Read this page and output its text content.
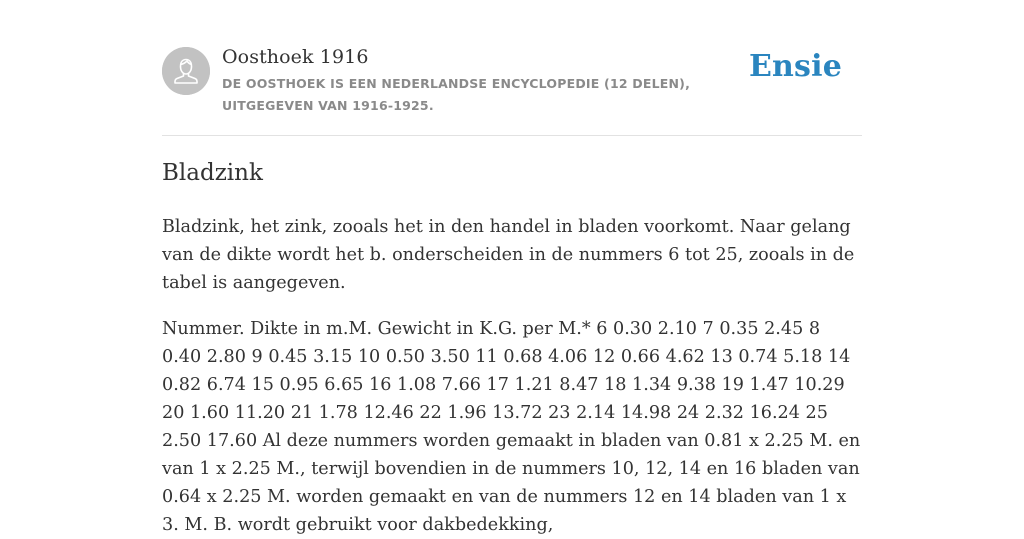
Oosthoek 1916
DE OOSTHOEK IS EEN NEDERLANDSE ENCYCLOPEDIE (12 DELEN), UITGEGEVEN VAN 1916-1925.
Ensie
Bladzink

Bladzink, het zink, zooals het in den handel in bladen voorkomt. Naar gelang van de dikte wordt het b. onderscheiden in de nummers 6 tot 25, zooals in de tabel is aangegeven.

Nummer. Dikte in m.M. Gewicht in K.G. per M.* 6 0.30 2.10 7 0.35 2.45 8 0.40 2.80 9 0.45 3.15 10 0.50 3.50 11 0.68 4.06 12 0.66 4.62 13 0.74 5.18 14 0.82 6.74 15 0.95 6.65 16 1.08 7.66 17 1.21 8.47 18 1.34 9.38 19 1.47 10.29 20 1.60 11.20 21 1.78 12.46 22 1.96 13.72 23 2.14 14.98 24 2.32 16.24 25 2.50 17.60 Al deze nummers worden gemaakt in bladen van 0.81 x 2.25 M. en van 1 x 2.25 M., terwijl bovendien in de nummers 10, 12, 14 en 16 bladen van 0.64 x 2.25 M. worden gemaakt en van de nummers 12 en 14 bladen van 1 x 3. M. B. wordt gebruikt voor dakbedekking,
